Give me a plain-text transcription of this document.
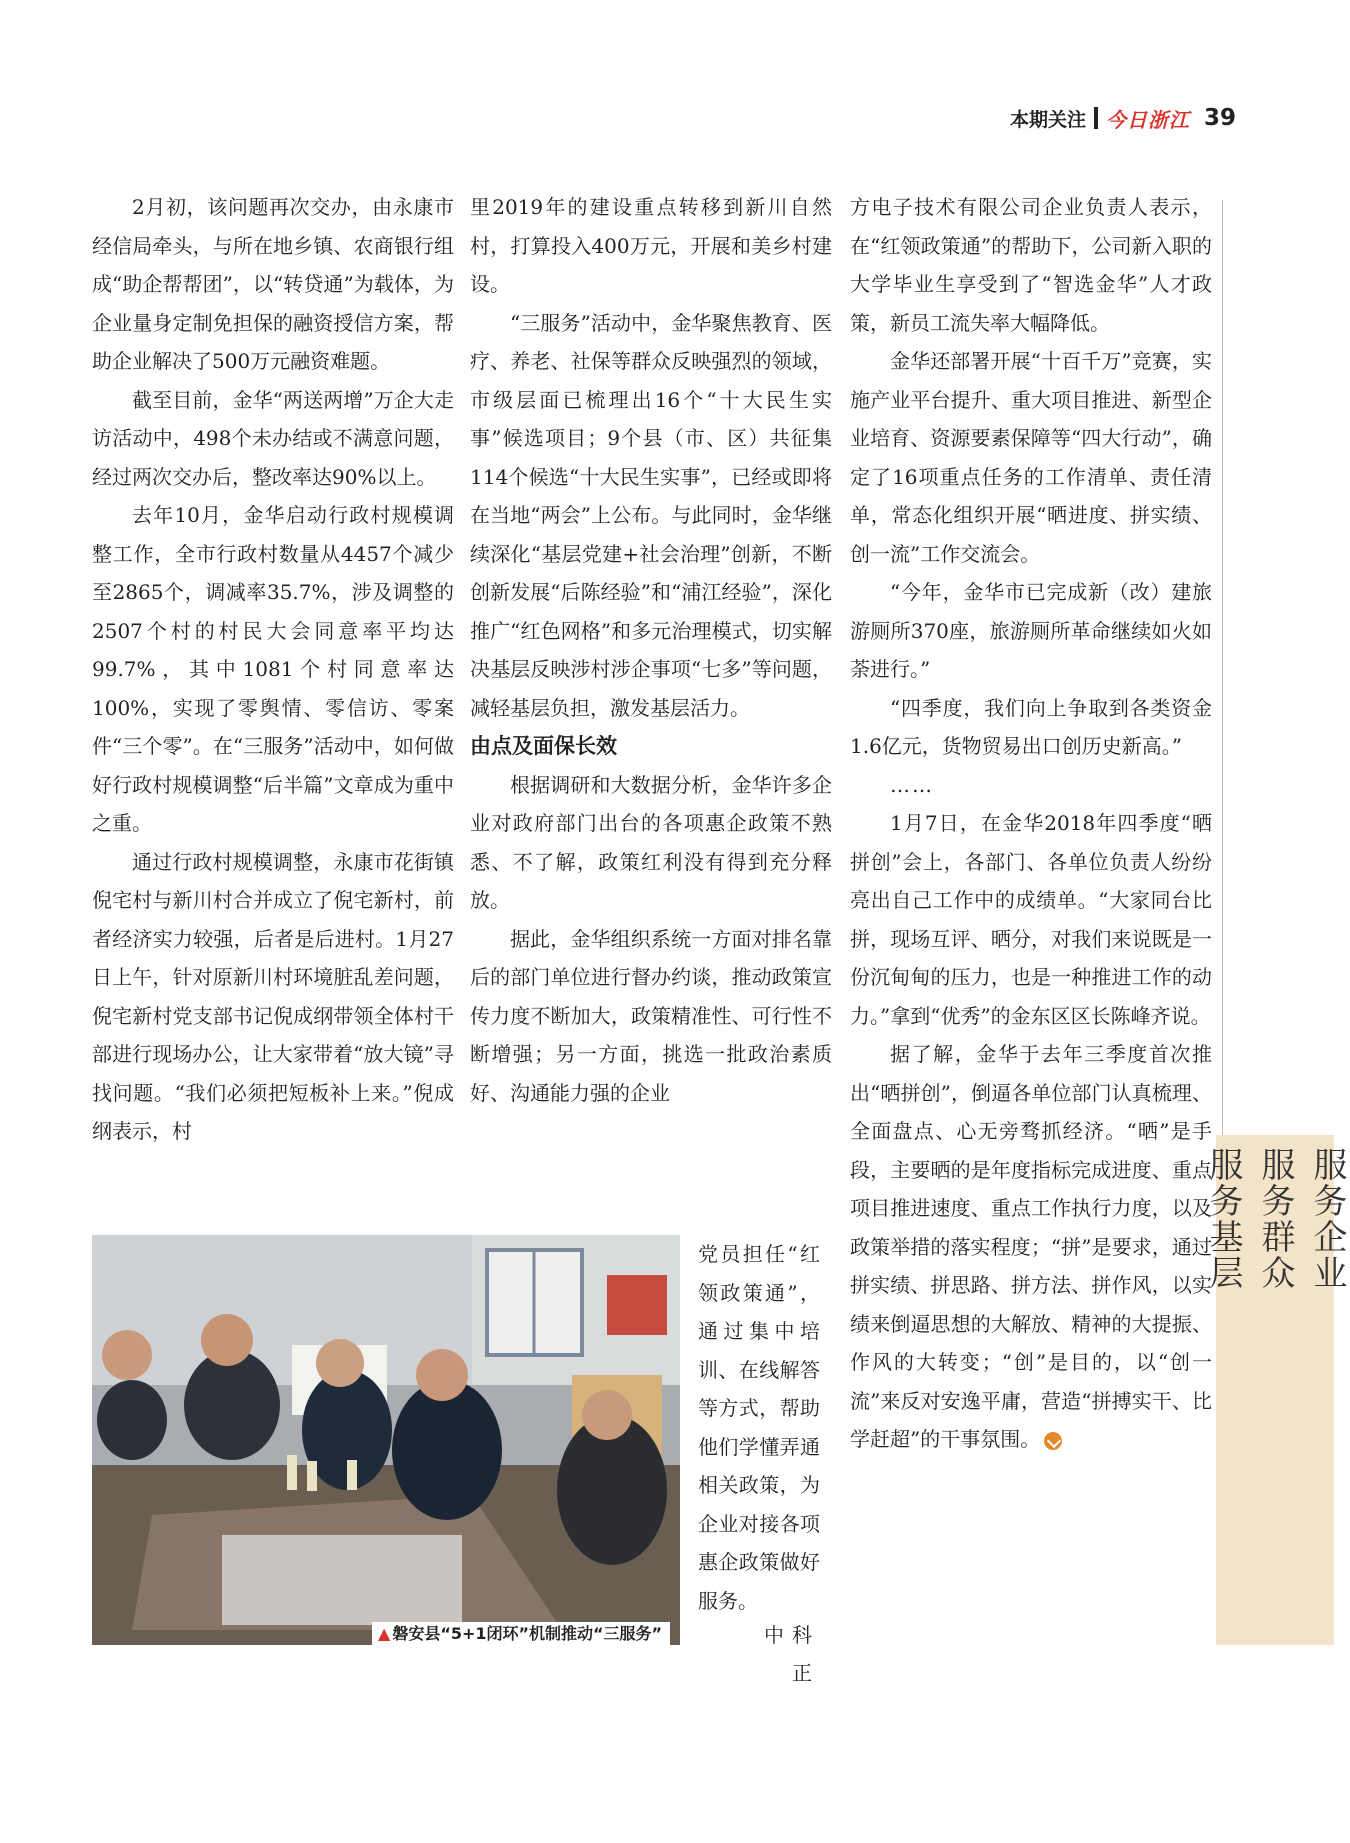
本期关注 今日浙江 39

2月初，该问题再次交办，由永康市经信局牵头，与所在地乡镇、农商银行组成“助企帮帮团”，以“转贷通”为载体，为企业量身定制免担保的融资授信方案，帮助企业解决了500万元融资难题。

截至目前，金华“两送两增”万企大走访活动中，498个未办结或不满意问题，经过两次交办后，整改率达90%以上。

去年10月，金华启动行政村规模调整工作，全市行政村数量从4457个减少至2865个，调减率35.7%，涉及调整的2507个村的村民大会同意率平均达99.7%，其中1081个村同意率达100%，实现了零舆情、零信访、零案件“三个零”。在“三服务”活动中，如何做好行政村规模调整“后半篇”文章成为重中之重。

通过行政村规模调整，永康市花街镇倪宅村与新川村合并成立了倪宅新村，前者经济实力较强，后者是后进村。1月27日上午，针对原新川村环境脏乱差问题，倪宅新村党支部书记倪成纲带领全体村干部进行现场办公，让大家带着“放大镜”寻找问题。“我们必须把短板补上来。”倪成纲表示，村

里2019年的建设重点转移到新川自然村，打算投入400万元，开展和美乡村建设。

“三服务”活动中，金华聚焦教育、医疗、养老、社保等群众反映强烈的领域，市级层面已梳理出16个“十大民生实事”候选项目；9个县（市、区）共征集114个候选“十大民生实事”，已经或即将在当地“两会”上公布。与此同时，金华继续深化“基层党建+社会治理”创新，不断创新发展“后陈经验”和“浦江经验”，深化推广“红色网格”和多元治理模式，切实解决基层反映涉村涉企事项“七多”等问题，减轻基层负担，激发基层活力。

由点及面保长效

根据调研和大数据分析，金华许多企业对政府部门出台的各项惠企政策不熟悉、不了解，政策红利没有得到充分释放。

据此，金华组织系统一方面对排名靠后的部门单位进行督办约谈，推动政策宣传力度不断加大，政策精准性、可行性不断增强；另一方面，挑选一批政治素质好、沟通能力强的企业

▲ 磐安县“5+1闭环”机制推动“三服务”

党员担任“红领政策通”，通过集中培训、在线解答等方式，帮助他们学懂弄通相关政策，为企业对接各项惠企政策做好服务。

中科正

方电子技术有限公司企业负责人表示，在“红领政策通”的帮助下，公司新入职的大学毕业生享受到了“智选金华”人才政策，新员工流失率大幅降低。

金华还部署开展“十百千万”竞赛，实施产业平台提升、重大项目推进、新型企业培育、资源要素保障等“四大行动”，确定了16项重点任务的工作清单、责任清单，常态化组织开展“晒进度、拼实绩、创一流”工作交流会。

“今年，金华市已完成新（改）建旅游厕所370座，旅游厕所革命继续如火如荼进行。”

“四季度，我们向上争取到各类资金1.6亿元，货物贸易出口创历史新高。”

……

1月7日，在金华2018年四季度“晒拼创”会上，各部门、各单位负责人纷纷亮出自己工作中的成绩单。“大家同台比拼，现场互评、晒分，对我们来说既是一份沉甸甸的压力，也是一种推进工作的动力。”拿到“优秀”的金东区区长陈峰齐说。

据了解，金华于去年三季度首次推出“晒拼创”，倒逼各单位部门认真梳理、全面盘点、心无旁骛抓经济。“晒”是手段，主要晒的是年度指标完成进度、重点项目推进速度、重点工作执行力度，以及政策举措的落实程度；“拼”是要求，通过拼实绩、拼思路、拼方法、拼作风，以实绩来倒逼思想的大解放、精神的大提振、作风的大转变；“创”是目的，以“创一流”来反对安逸平庸，营造“拼搏实干、比学赶超”的干事氛围。

服务企业
服务群众
服务基层
